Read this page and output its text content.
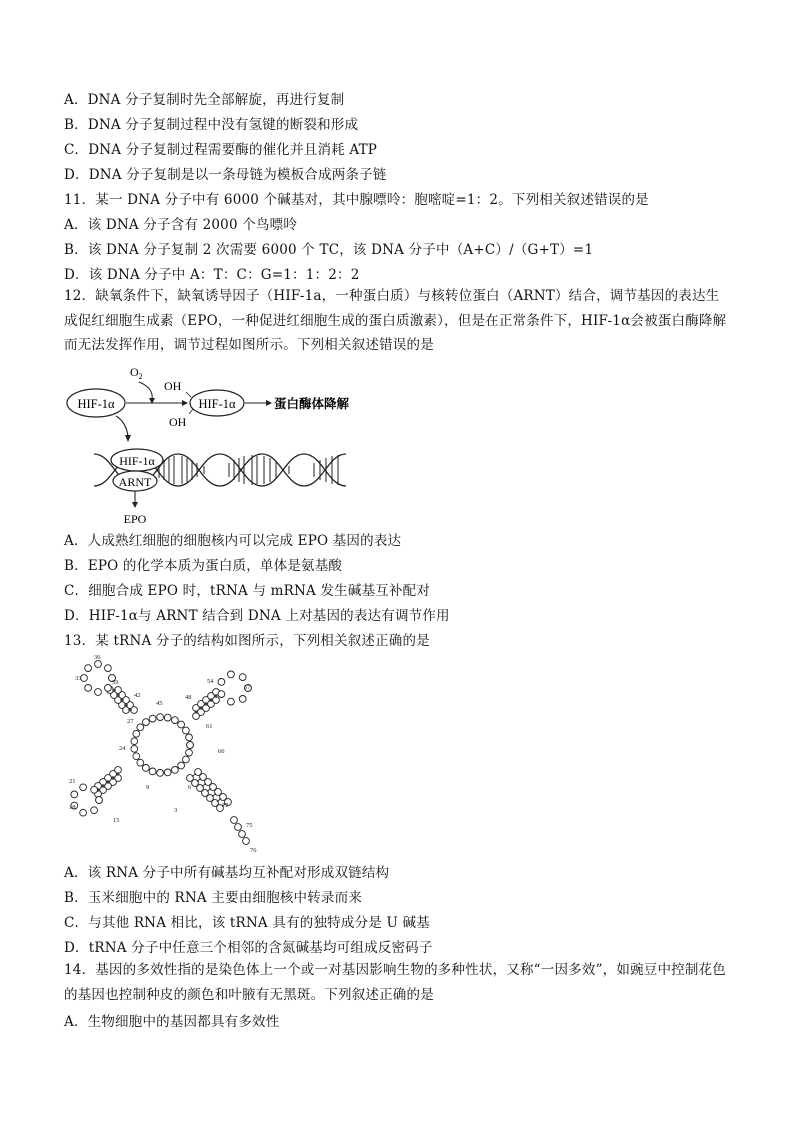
A．DNA 分子复制时先全部解旋，再进行复制
B．DNA 分子复制过程中没有氢键的断裂和形成
C．DNA 分子复制过程需要酶的催化并且消耗 ATP
D．DNA 分子复制是以一条母链为模板合成两条子链
11．某一 DNA 分子中有 6000 个碱基对，其中腺嘌呤：胞嘧啶=1：2。下列相关叙述错误的是
A．该 DNA 分子含有 2000 个鸟嘌呤
B．该 DNA 分子复制 2 次需要 6000 个 TC，该 DNA 分子中（A+C）/（G+T）=1
D．该 DNA 分子中 A：T：C：G=1：1：2：2
12．缺氧条件下，缺氧诱导因子（HIF-1a，一种蛋白质）与核转位蛋白（ARNT）结合，调节基因的表达生成促红细胞生成素（EPO，一种促进红细胞生成的蛋白质激素），但是在正常条件下，HIF-1α会被蛋白酶降解而无法发挥作用，调节过程如图所示。下列相关叙述错误的是
HIF-1α
$O_2$
OH
OH
HIF-1α	蛋白酶体降解
HIF-1α
ARNT
EPO
A．人成熟红细胞的细胞核内可以完成 EPO 基因的表达
B．EPO 的化学本质为蛋白质，单体是氨基酸
C．细胞合成 EPO 时，tRNA 与 mRNA 发生碱基互补配对
D．HIF-1α与 ARNT 结合到 DNA 上对基因的表达有调节作用
13．某 tRNA 分子的结构如图所示，下列相关叙述正确的是
36
33
39
42
45
48
54
57
27
24
61
21
66
18
9	6
15
3
72
75
76
A．该 RNA 分子中所有碱基均互补配对形成双链结构
B．玉米细胞中的 RNA 主要由细胞核中转录而来
C．与其他 RNA 相比，该 tRNA 具有的独特成分是 U 碱基
D．tRNA 分子中任意三个相邻的含氮碱基均可组成反密码子
14．基因的多效性指的是染色体上一个或一对基因影响生物的多种性状，又称“一因多效”，如豌豆中控制花色的基因也控制种皮的颜色和叶腋有无黑斑。下列叙述正确的是
A．生物细胞中的基因都具有多效性
